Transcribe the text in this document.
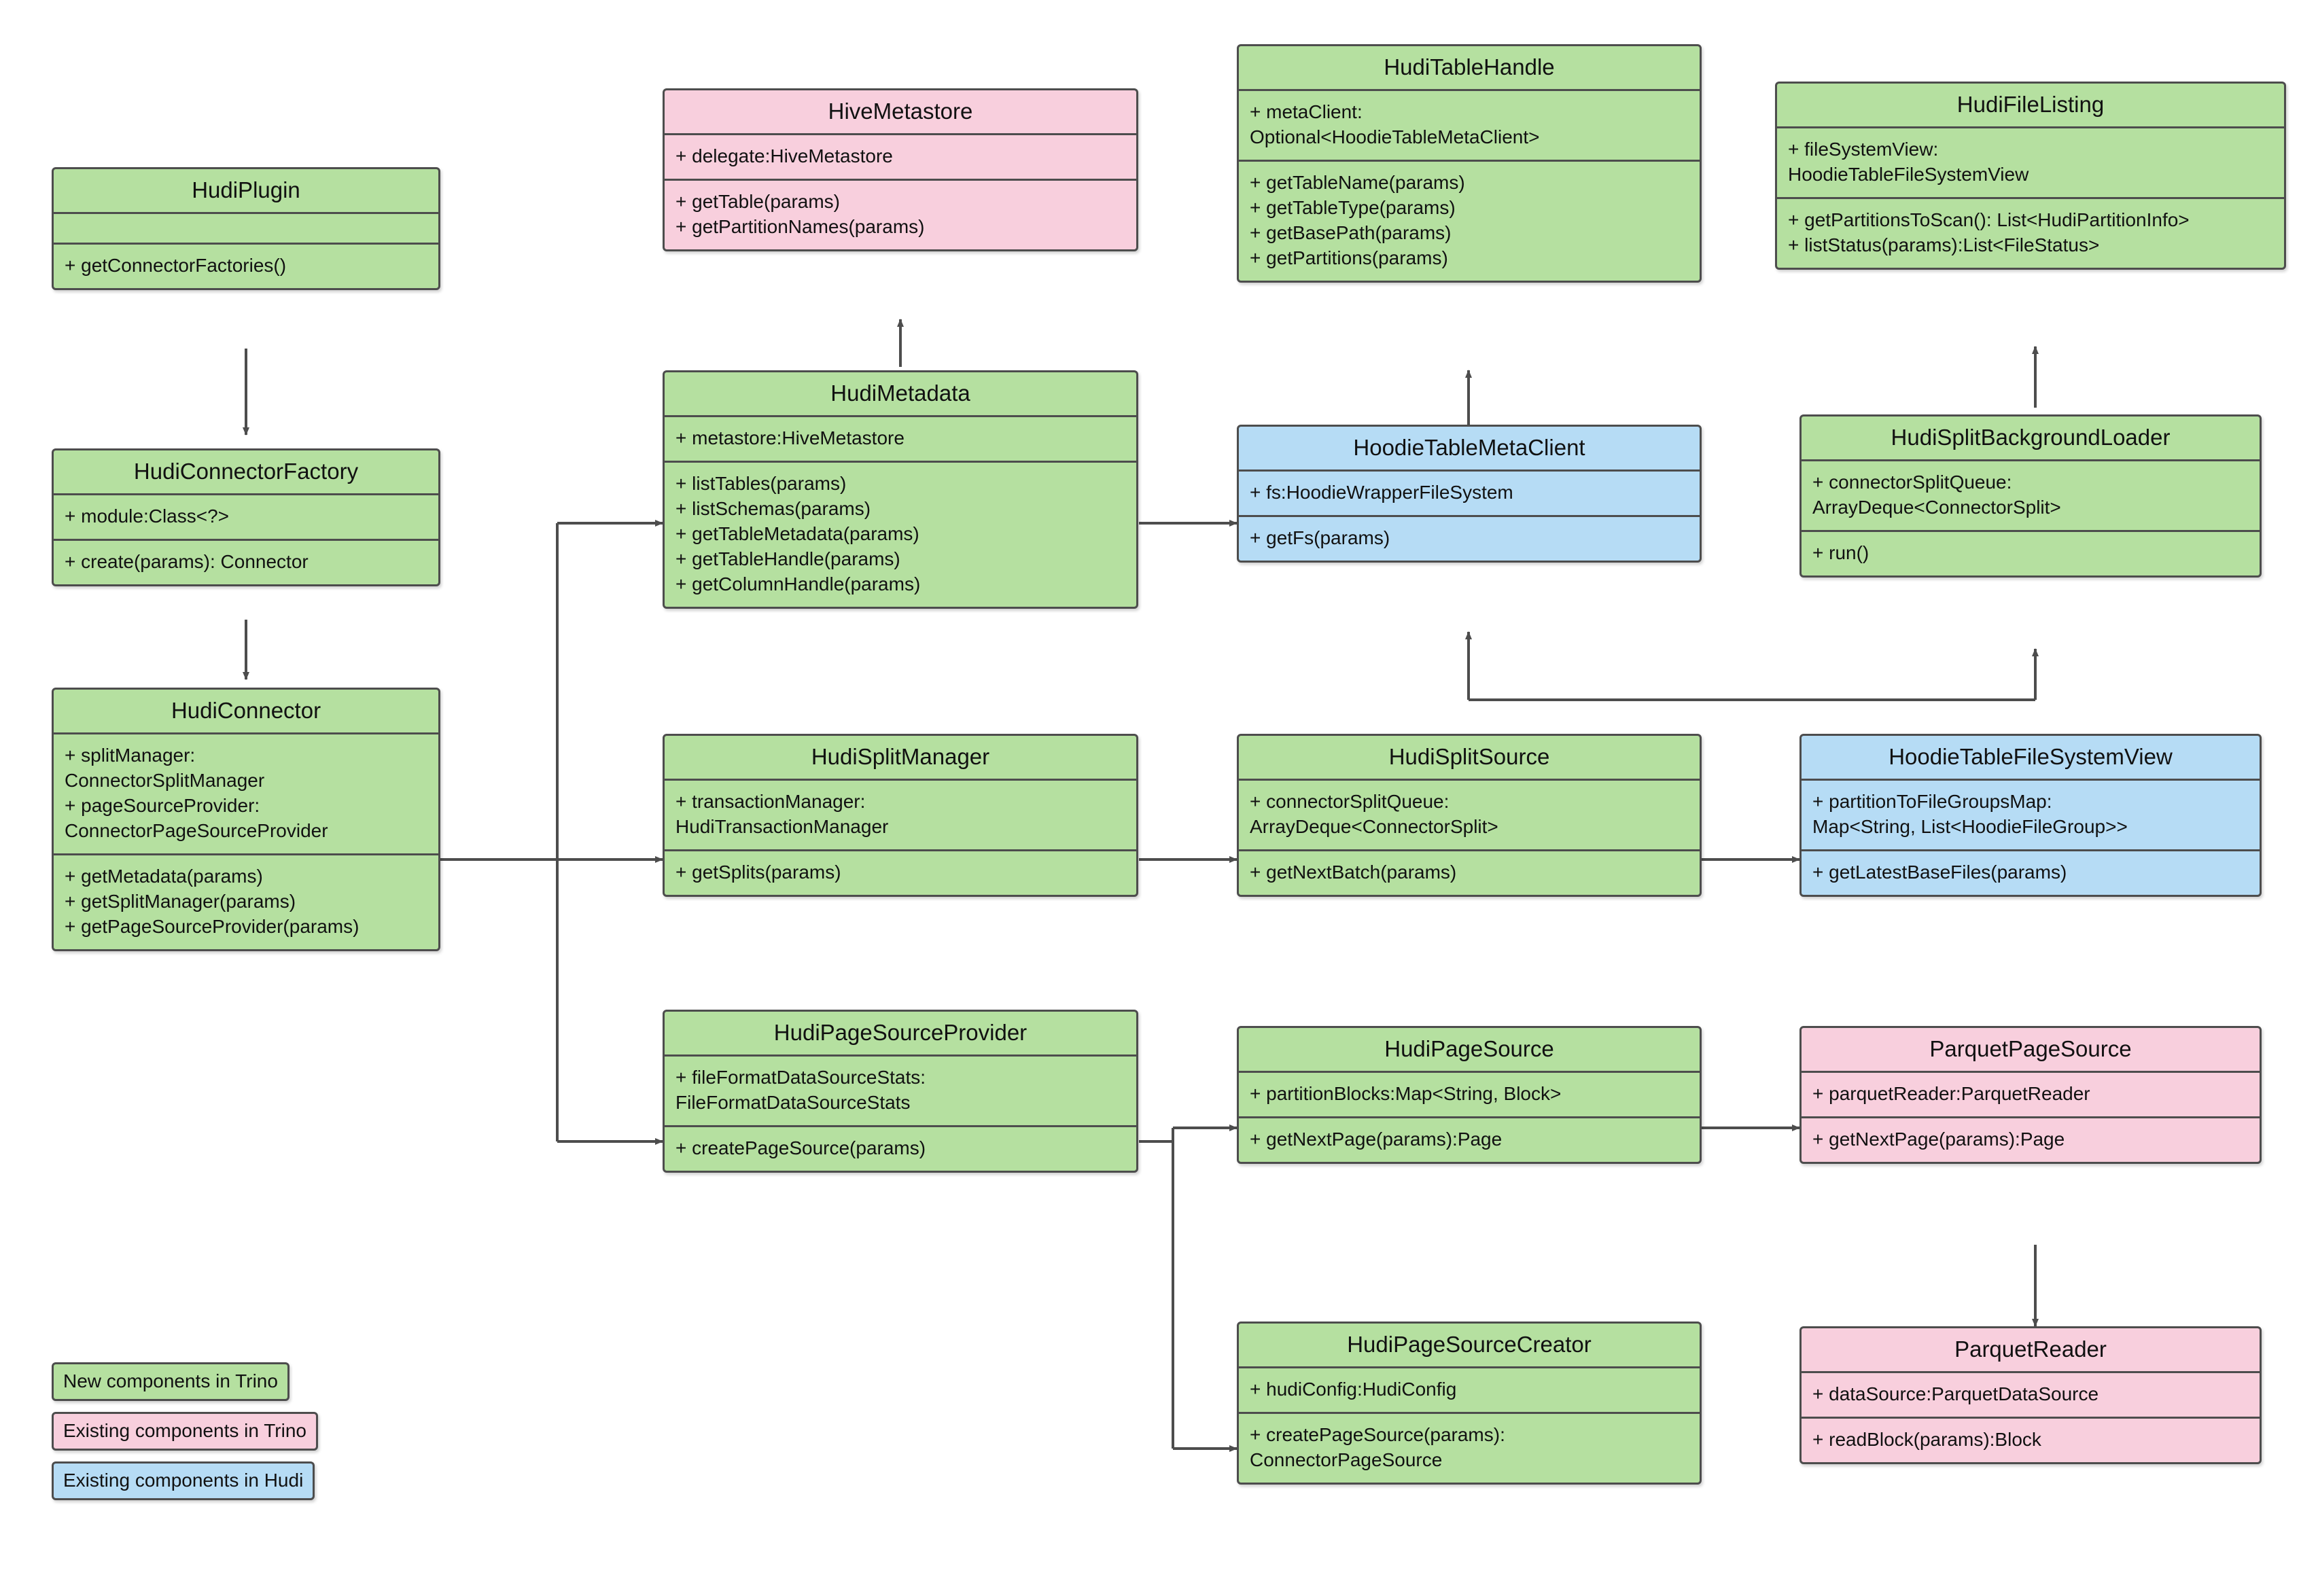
HudiPlugin
+ getConnectorFactories()
HudiConnectorFactory
+ module:Class<?>
+ create(params): Connector
HudiConnector
+ splitManager:
ConnectorSplitManager
+ pageSourceProvider:
ConnectorPageSourceProvider
+ getMetadata(params)
+ getSplitManager(params)
+ getPageSourceProvider(params)
HiveMetastore
+ delegate:HiveMetastore
+ getTable(params)
+ getPartitionNames(params)
HudiMetadata
+ metastore:HiveMetastore
+ listTables(params)
+ listSchemas(params)
+ getTableMetadata(params)
+ getTableHandle(params)
+ getColumnHandle(params)
HudiTableHandle
+ metaClient:
Optional<HoodieTableMetaClient>
+ getTableName(params)
+ getTableType(params)
+ getBasePath(params)
+ getPartitions(params)
HudiFileListing
+ fileSystemView:
HoodieTableFileSystemView
+ getPartitionsToScan(): List<HudiPartitionInfo>
+ listStatus(params):List<FileStatus>
HoodieTableMetaClient
+ fs:HoodieWrapperFileSystem
+ getFs(params)
HudiSplitBackgroundLoader
+ connectorSplitQueue:
ArrayDeque<ConnectorSplit>
+ run()
HudiSplitManager
+ transactionManager:
HudiTransactionManager
+ getSplits(params)
HudiSplitSource
+ connectorSplitQueue:
ArrayDeque<ConnectorSplit>
+ getNextBatch(params)
HoodieTableFileSystemView
+ partitionToFileGroupsMap:
Map<String, List<HoodieFileGroup>>
+ getLatestBaseFiles(params)
HudiPageSourceProvider
+ fileFormatDataSourceStats:
FileFormatDataSourceStats
+ createPageSource(params)
HudiPageSource
+ partitionBlocks:Map<String, Block>
+ getNextPage(params):Page
ParquetPageSource
+ parquetReader:ParquetReader
+ getNextPage(params):Page
HudiPageSourceCreator
+ hudiConfig:HudiConfig
+ createPageSource(params):
ConnectorPageSource
ParquetReader
+ dataSource:ParquetDataSource
+ readBlock(params):Block
New components in Trino
Existing components in Trino
Existing components in Hudi
